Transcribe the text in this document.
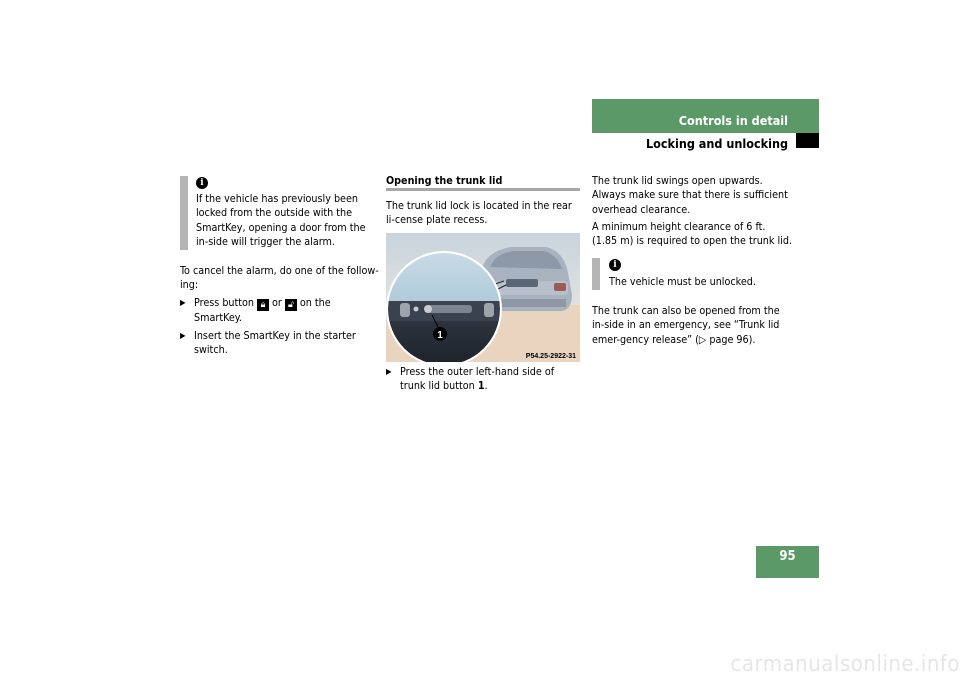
Controls in detail
Locking and unlocking
i
If the vehicle has previously been locked from the outside with the SmartKey, opening a door from the in-side will trigger the alarm.
To cancel the alarm, do one of the follow-ing:
▶ Press button 🔒︎ or 🔓︎ on the SmartKey.
▶ Insert the SmartKey in the starter switch.
Opening the trunk lid
The trunk lid lock is located in the rear li-cense plate recess.
1
P54.25-2922-31
▶ Press the outer left-hand side of trunk lid button 1.
The trunk lid swings open upwards. Always make sure that there is sufficient overhead clearance.
A minimum height clearance of 6 ft.
(1.85 m) is required to open the trunk lid.
i
The vehicle must be unlocked.
The trunk can also be opened from the in-side in an emergency, see “Trunk lid emer-gency release” (▷ page 96).
95
carmanualsonline.info
